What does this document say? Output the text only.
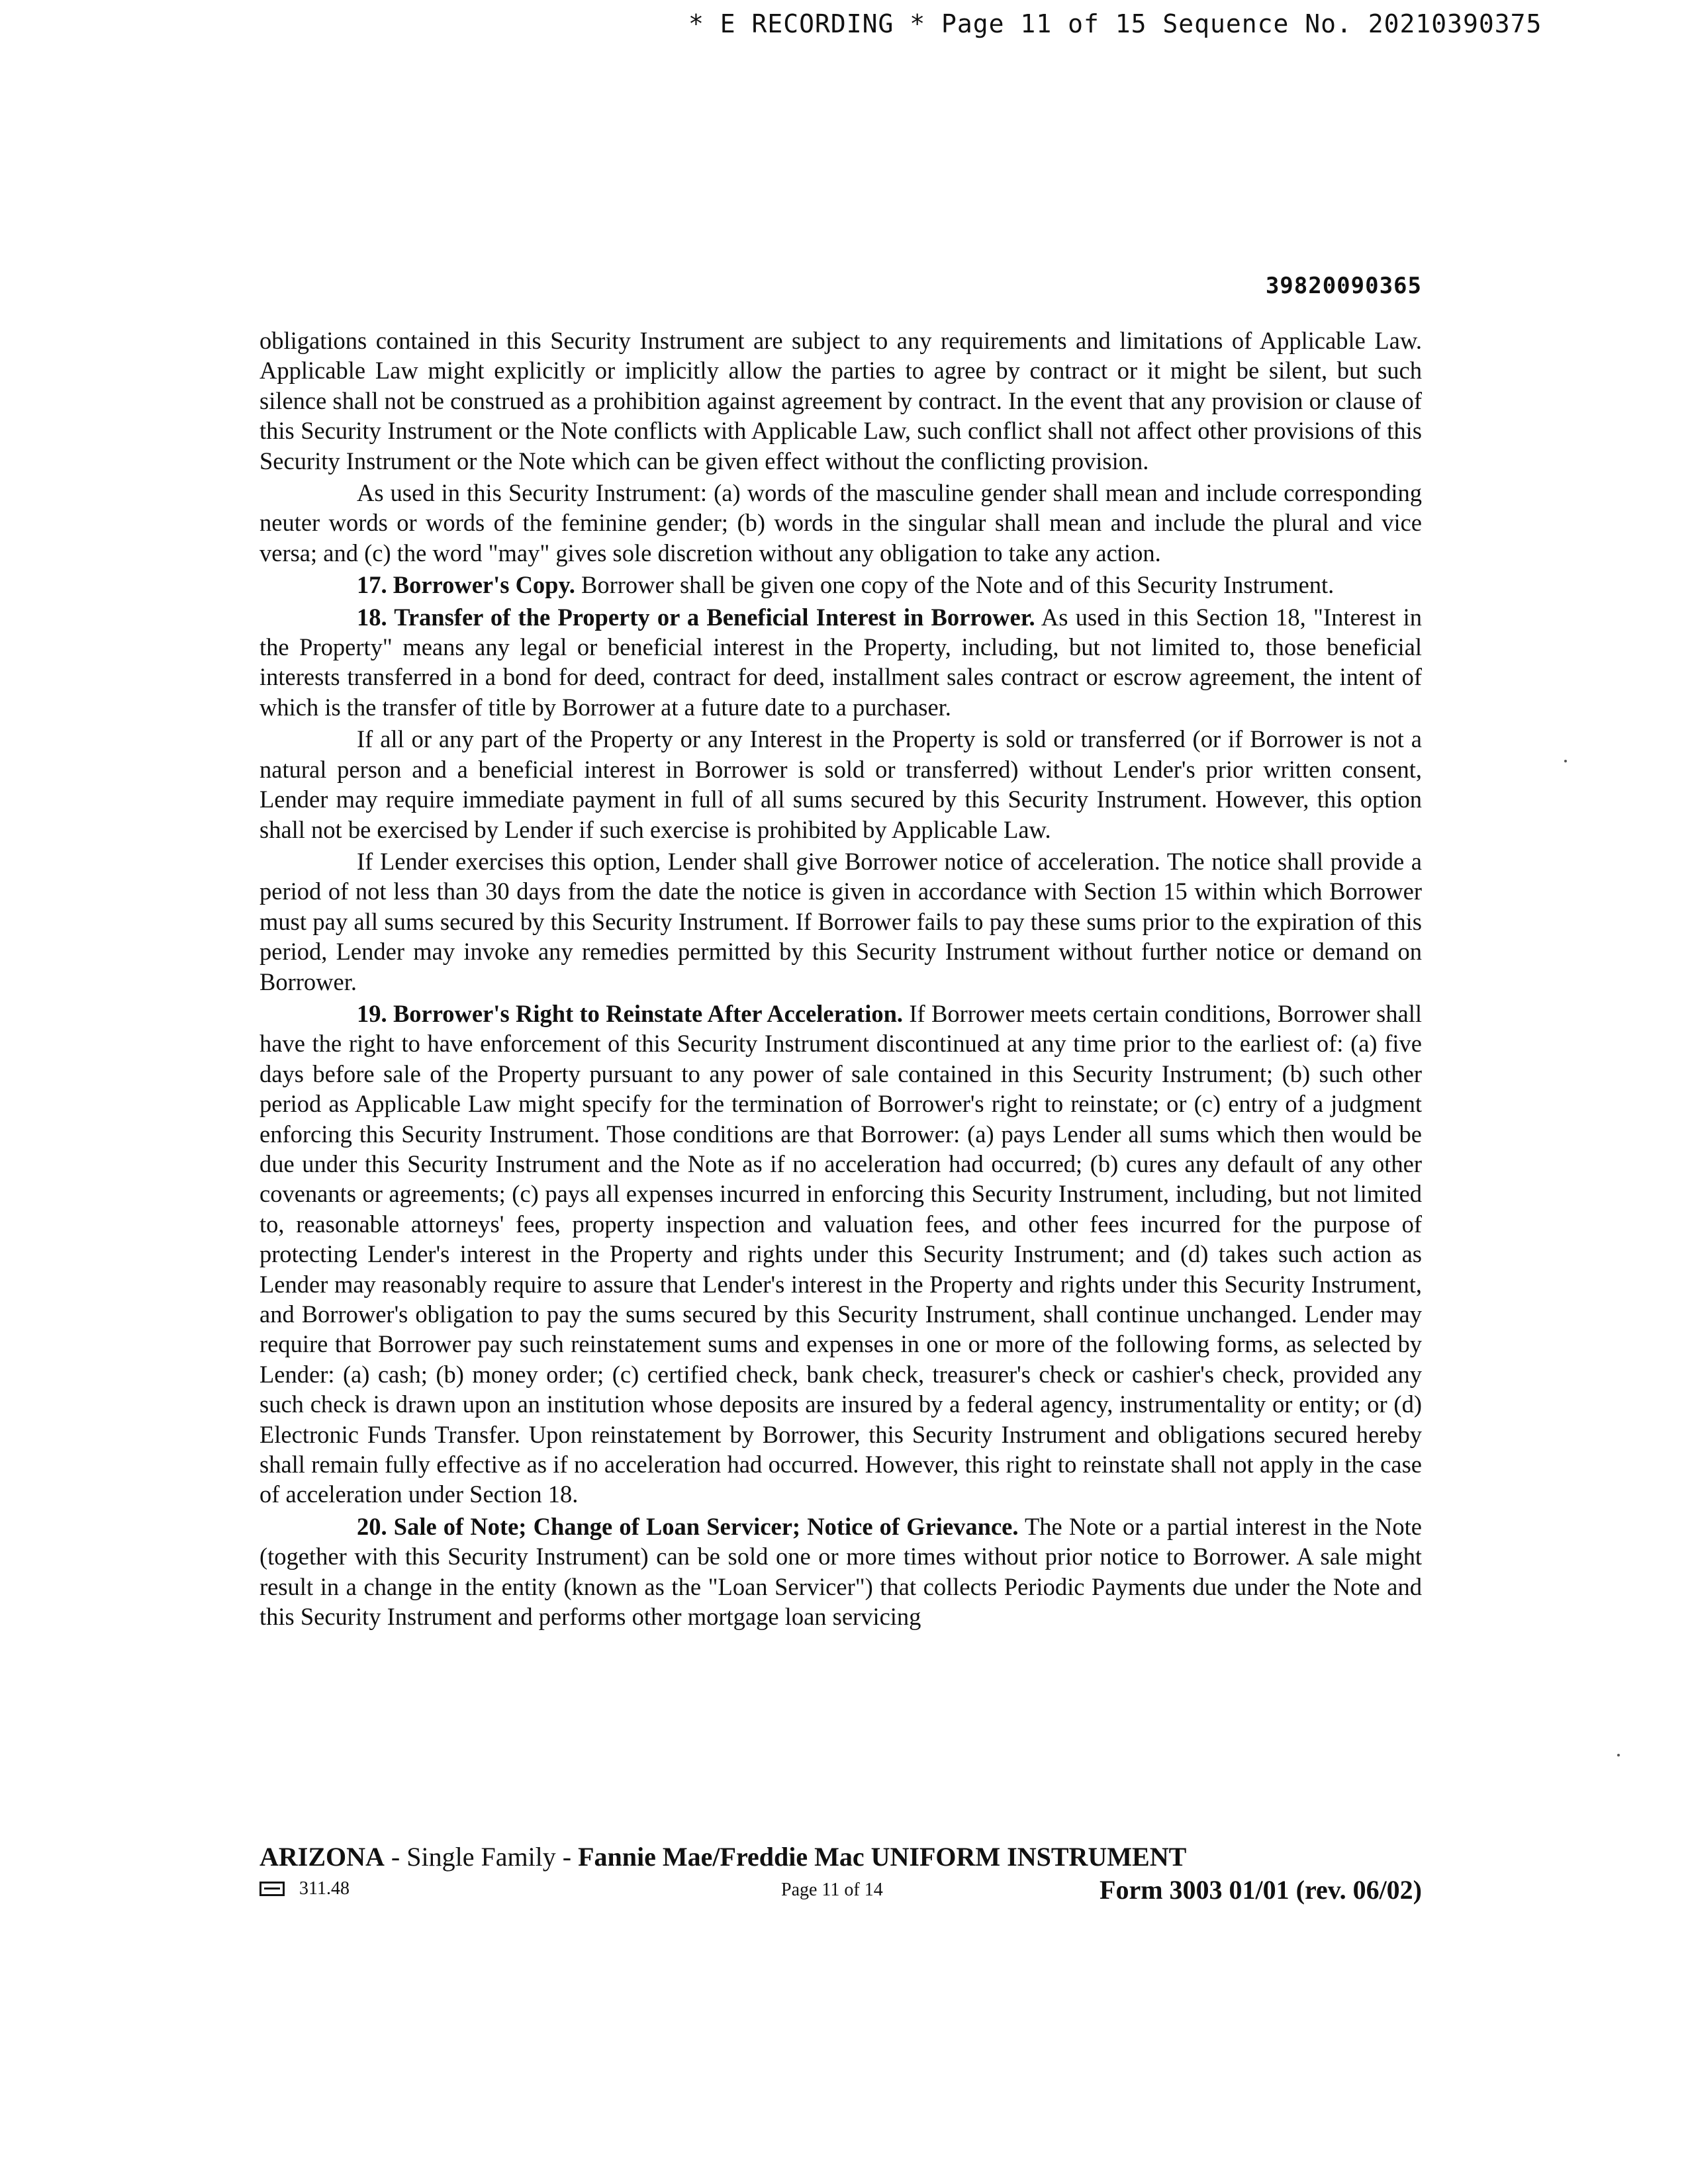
* E RECORDING * Page 11 of 15 Sequence No. 20210390375
39820090365

obligations contained in this Security Instrument are subject to any requirements and limitations of Applicable Law. Applicable Law might explicitly or implicitly allow the parties to agree by contract or it might be silent, but such silence shall not be construed as a prohibition against agreement by contract. In the event that any provision or clause of this Security Instrument or the Note conflicts with Applicable Law, such conflict shall not affect other provisions of this Security Instrument or the Note which can be given effect without the conflicting provision.

As used in this Security Instrument: (a) words of the masculine gender shall mean and include corresponding neuter words or words of the feminine gender; (b) words in the singular shall mean and include the plural and vice versa; and (c) the word "may" gives sole discretion without any obligation to take any action.

17. Borrower's Copy. Borrower shall be given one copy of the Note and of this Security Instrument.

18. Transfer of the Property or a Beneficial Interest in Borrower. As used in this Section 18, "Interest in the Property" means any legal or beneficial interest in the Property, including, but not limited to, those beneficial interests transferred in a bond for deed, contract for deed, installment sales contract or escrow agreement, the intent of which is the transfer of title by Borrower at a future date to a purchaser.

If all or any part of the Property or any Interest in the Property is sold or transferred (or if Borrower is not a natural person and a beneficial interest in Borrower is sold or transferred) without Lender's prior written consent, Lender may require immediate payment in full of all sums secured by this Security Instrument. However, this option shall not be exercised by Lender if such exercise is prohibited by Applicable Law.

If Lender exercises this option, Lender shall give Borrower notice of acceleration. The notice shall provide a period of not less than 30 days from the date the notice is given in accordance with Section 15 within which Borrower must pay all sums secured by this Security Instrument. If Borrower fails to pay these sums prior to the expiration of this period, Lender may invoke any remedies permitted by this Security Instrument without further notice or demand on Borrower.

19. Borrower's Right to Reinstate After Acceleration. If Borrower meets certain conditions, Borrower shall have the right to have enforcement of this Security Instrument discontinued at any time prior to the earliest of: (a) five days before sale of the Property pursuant to any power of sale contained in this Security Instrument; (b) such other period as Applicable Law might specify for the termination of Borrower's right to reinstate; or (c) entry of a judgment enforcing this Security Instrument. Those conditions are that Borrower: (a) pays Lender all sums which then would be due under this Security Instrument and the Note as if no acceleration had occurred; (b) cures any default of any other covenants or agreements; (c) pays all expenses incurred in enforcing this Security Instrument, including, but not limited to, reasonable attorneys' fees, property inspection and valuation fees, and other fees incurred for the purpose of protecting Lender's interest in the Property and rights under this Security Instrument; and (d) takes such action as Lender may reasonably require to assure that Lender's interest in the Property and rights under this Security Instrument, and Borrower's obligation to pay the sums secured by this Security Instrument, shall continue unchanged. Lender may require that Borrower pay such reinstatement sums and expenses in one or more of the following forms, as selected by Lender: (a) cash; (b) money order; (c) certified check, bank check, treasurer's check or cashier's check, provided any such check is drawn upon an institution whose deposits are insured by a federal agency, instrumentality or entity; or (d) Electronic Funds Transfer. Upon reinstatement by Borrower, this Security Instrument and obligations secured hereby shall remain fully effective as if no acceleration had occurred. However, this right to reinstate shall not apply in the case of acceleration under Section 18.

20. Sale of Note; Change of Loan Servicer; Notice of Grievance. The Note or a partial interest in the Note (together with this Security Instrument) can be sold one or more times without prior notice to Borrower. A sale might result in a change in the entity (known as the "Loan Servicer") that collects Periodic Payments due under the Note and this Security Instrument and performs other mortgage loan servicing

ARIZONA - Single Family - Fannie Mae/Freddie Mac UNIFORM INSTRUMENT
311.48	Page 11 of 14	Form 3003 01/01 (rev. 06/02)
